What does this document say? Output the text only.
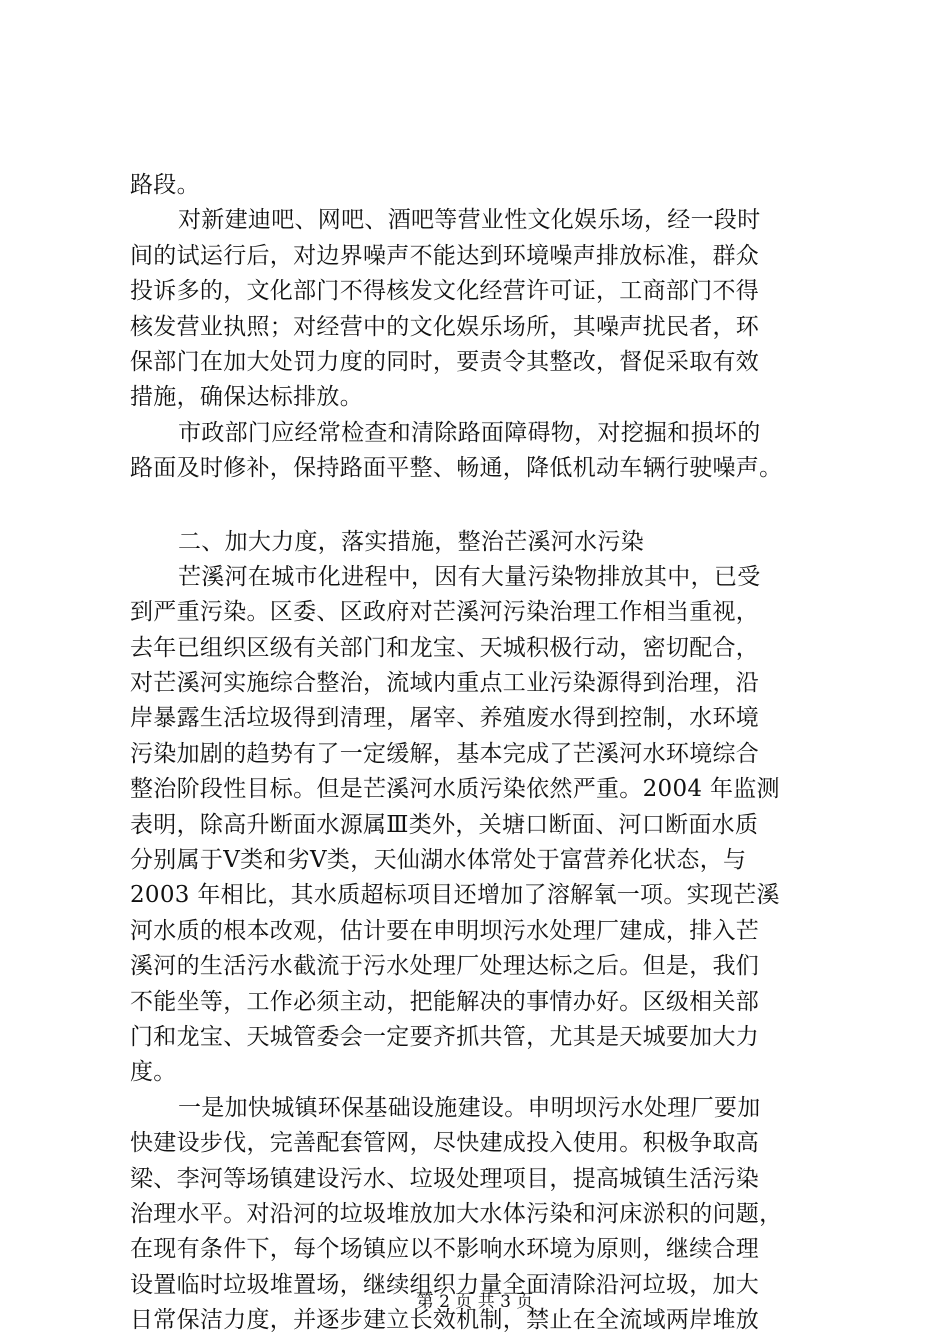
路段。
对新建迪吧、网吧、酒吧等营业性文化娱乐场，经一段时
间的试运行后，对边界噪声不能达到环境噪声排放标准，群众
投诉多的，文化部门不得核发文化经营许可证，工商部门不得
核发营业执照；对经营中的文化娱乐场所，其噪声扰民者，环
保部门在加大处罚力度的同时，要责令其整改，督促采取有效
措施，确保达标排放。
市政部门应经常检查和清除路面障碍物，对挖掘和损坏的
路面及时修补，保持路面平整、畅通，降低机动车辆行驶噪声。
二、加大力度，落实措施，整治芒溪河水污染
芒溪河在城市化进程中，因有大量污染物排放其中，已受
到严重污染。区委、区政府对芒溪河污染治理工作相当重视，
去年已组织区级有关部门和龙宝、天城积极行动，密切配合，
对芒溪河实施综合整治，流域内重点工业污染源得到治理，沿
岸暴露生活垃圾得到清理，屠宰、养殖废水得到控制，水环境
污染加剧的趋势有了一定缓解，基本完成了芒溪河水环境综合
整治阶段性目标。但是芒溪河水质污染依然严重。2004 年监测
表明，除高升断面水源属Ⅲ类外，关塘口断面、河口断面水质
分别属于Ⅴ类和劣Ⅴ类，天仙湖水体常处于富营养化状态，与
2003 年相比，其水质超标项目还增加了溶解氧一项。实现芒溪
河水质的根本改观，估计要在申明坝污水处理厂建成，排入芒
溪河的生活污水截流于污水处理厂处理达标之后。但是，我们
不能坐等，工作必须主动，把能解决的事情办好。区级相关部
门和龙宝、天城管委会一定要齐抓共管，尤其是天城要加大力
度。
一是加快城镇环保基础设施建设。申明坝污水处理厂要加
快建设步伐，完善配套管网，尽快建成投入使用。积极争取高
梁、李河等场镇建设污水、垃圾处理项目，提高城镇生活污染
治理水平。对沿河的垃圾堆放加大水体污染和河床淤积的问题，
在现有条件下，每个场镇应以不影响水环境为原则，继续合理
设置临时垃圾堆置场，继续组织力量全面清除沿河垃圾，加大
日常保洁力度，并逐步建立长效机制，禁止在全流域两岸堆放
第 2 页 共 3 页
